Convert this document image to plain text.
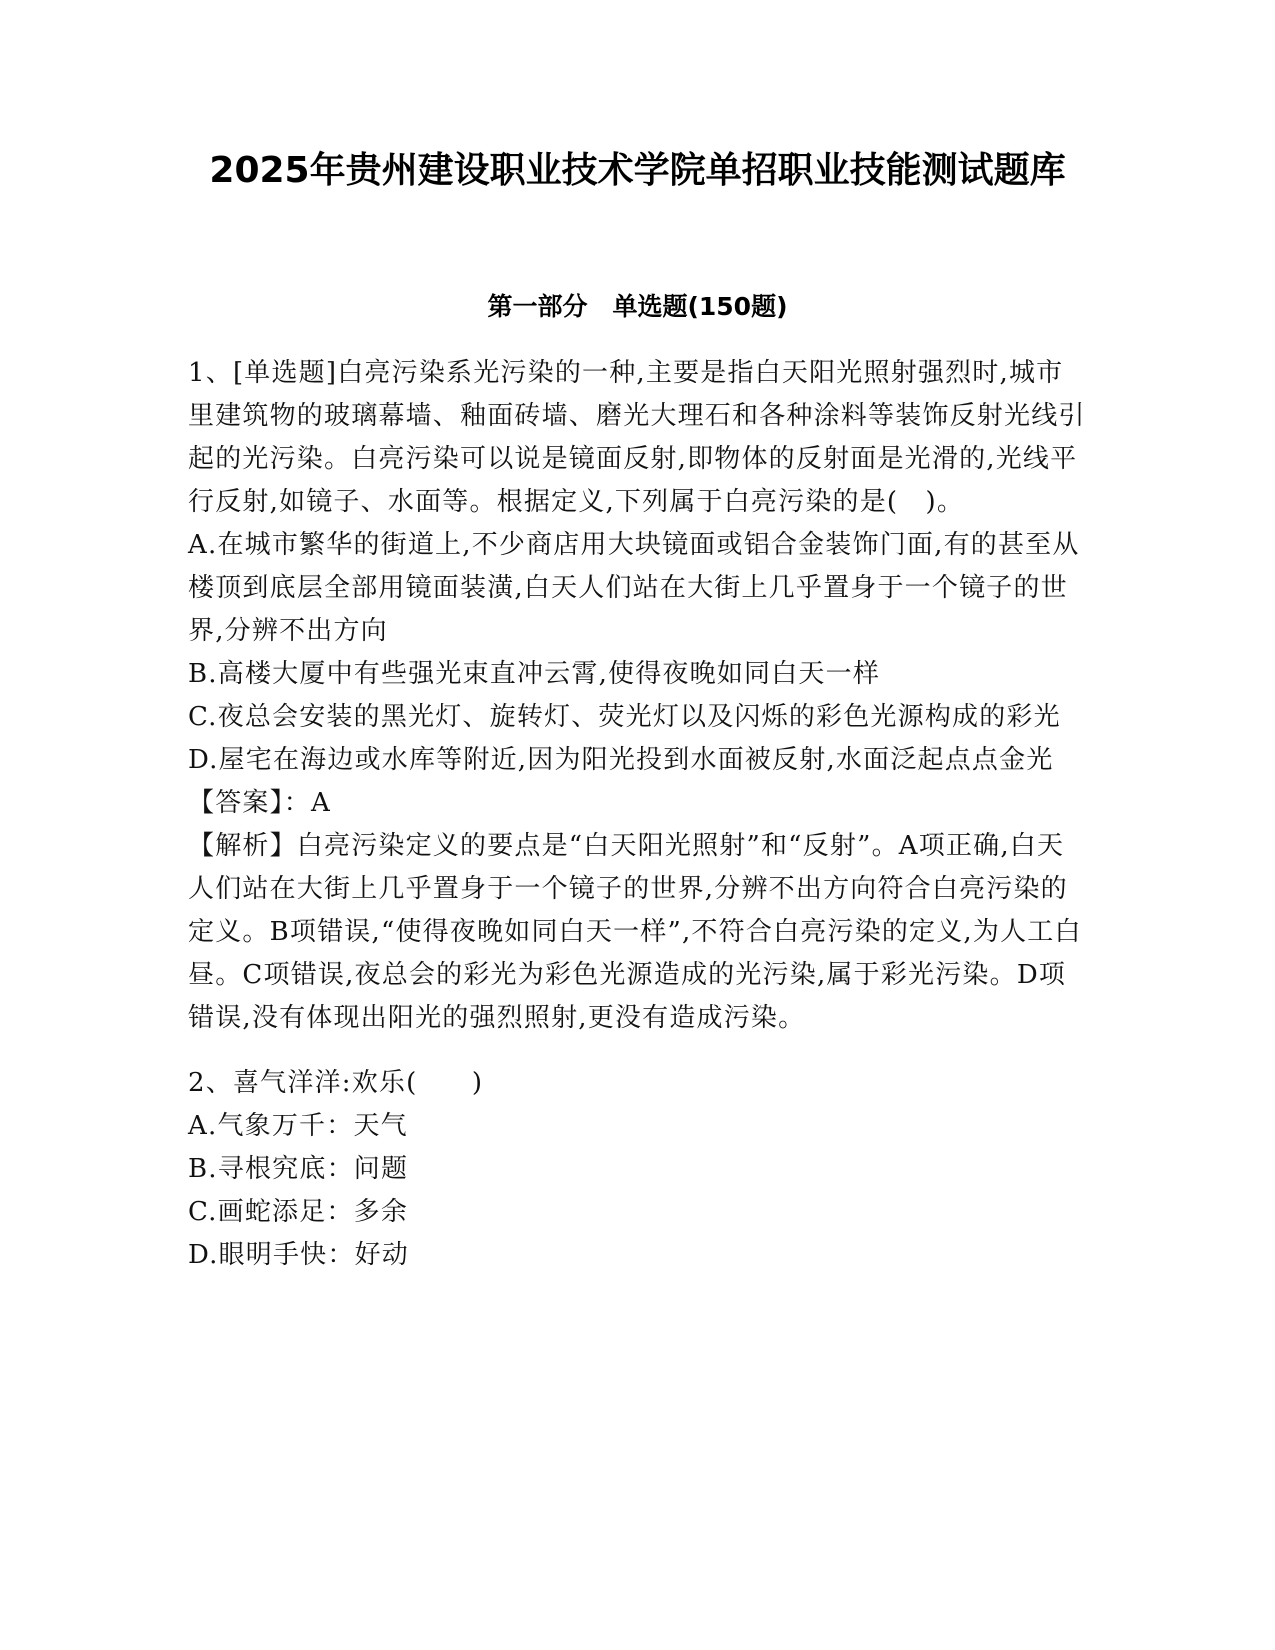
2025年贵州建设职业技术学院单招职业技能测试题库
第一部分　单选题(150题)

1、[单选题]白亮污染系光污染的一种,主要是指白天阳光照射强烈时,城市里建筑物的玻璃幕墙、釉面砖墙、磨光大理石和各种涂料等装饰反射光线引起的光污染。白亮污染可以说是镜面反射,即物体的反射面是光滑的,光线平行反射,如镜子、水面等。根据定义,下列属于白亮污染的是(　)。

A.在城市繁华的街道上,不少商店用大块镜面或铝合金装饰门面,有的甚至从楼顶到底层全部用镜面装潢,白天人们站在大街上几乎置身于一个镜子的世界,分辨不出方向

B.高楼大厦中有些强光束直冲云霄,使得夜晚如同白天一样

C.夜总会安装的黑光灯、旋转灯、荧光灯以及闪烁的彩色光源构成的彩光

D.屋宅在海边或水库等附近,因为阳光投到水面被反射,水面泛起点点金光

【答案】：A

【解析】白亮污染定义的要点是“白天阳光照射”和“反射”。A项正确,白天人们站在大街上几乎置身于一个镜子的世界,分辨不出方向符合白亮污染的定义。B项错误,“使得夜晚如同白天一样”,不符合白亮污染的定义,为人工白昼。C项错误,夜总会的彩光为彩色光源造成的光污染,属于彩光污染。D项错误,没有体现出阳光的强烈照射,更没有造成污染。

2、喜气洋洋:欢乐(　　)

A.气象万千：天气

B.寻根究底：问题

C.画蛇添足：多余

D.眼明手快：好动
